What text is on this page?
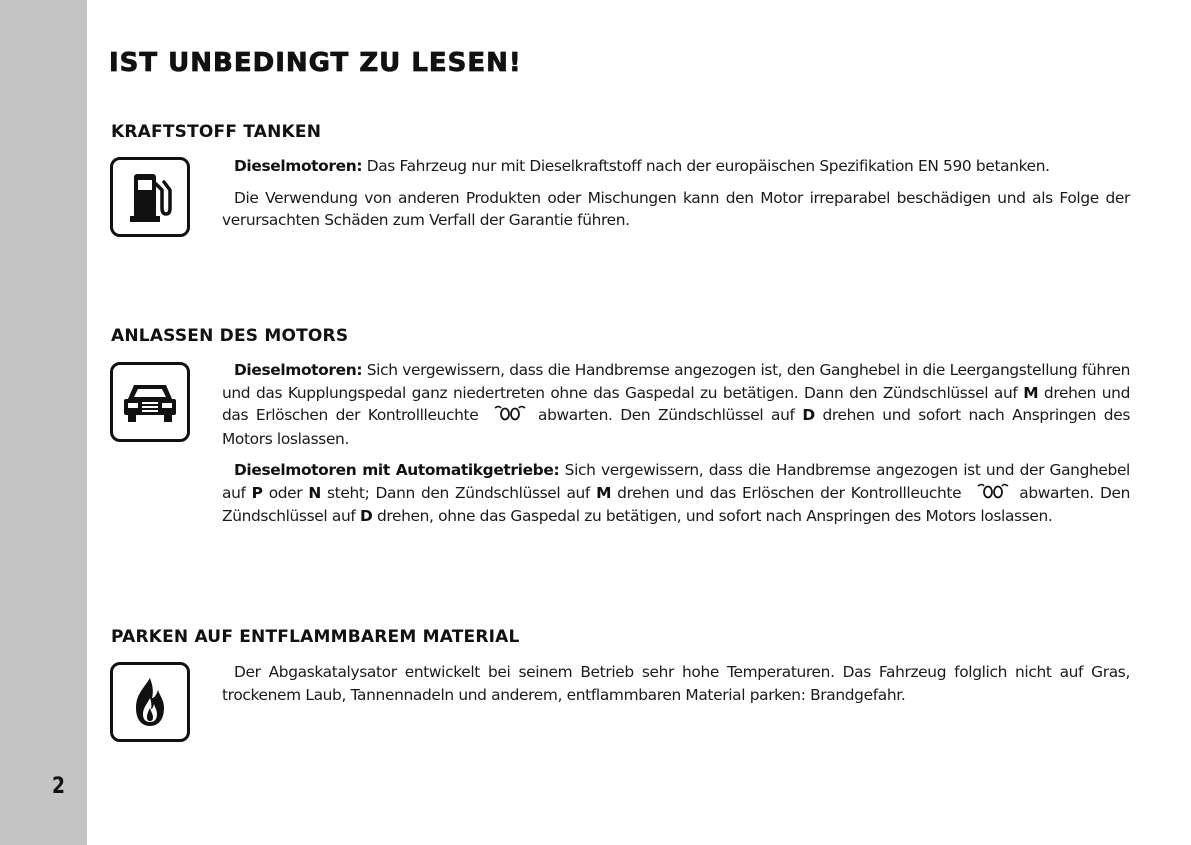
2
IST UNBEDINGT ZU LESEN!
KRAFTSTOFF TANKEN

Dieselmotoren: Das Fahrzeug nur mit Dieselkraftstoff nach der europäischen Spezifikation EN 590 betanken.

Die Verwendung von anderen Produkten oder Mischungen kann den Motor irreparabel beschädigen und als Folge der verursachten Schäden zum Verfall der Garantie führen.

ANLASSEN DES MOTORS

Dieselmotoren: Sich vergewissern, dass die Handbremse angezogen ist, den Ganghebel in die Leergangstellung führen und das Kupplungspedal ganz niedertreten ohne das Gaspedal zu betätigen. Dann den Zündschlüssel auf M drehen und das Erlöschen der Kontrollleuchte	abwarten. Den Zündschlüssel auf D drehen und sofort nach Anspringen des Motors loslassen.

Dieselmotoren mit Automatikgetriebe: Sich vergewissern, dass die Handbremse angezogen ist und der Ganghebel auf P oder N steht; Dann den Zündschlüssel auf M drehen und das Erlöschen der Kontrollleuchte	abwarten. Den Zündschlüssel auf D drehen, ohne das Gaspedal zu betätigen, und sofort nach Anspringen des Motors loslassen.

PARKEN AUF ENTFLAMMBAREM MATERIAL

Der Abgaskatalysator entwickelt bei seinem Betrieb sehr hohe Temperaturen. Das Fahrzeug folglich nicht auf Gras, trockenem Laub, Tannennadeln und anderem, entflammbaren Material parken: Brandgefahr.
